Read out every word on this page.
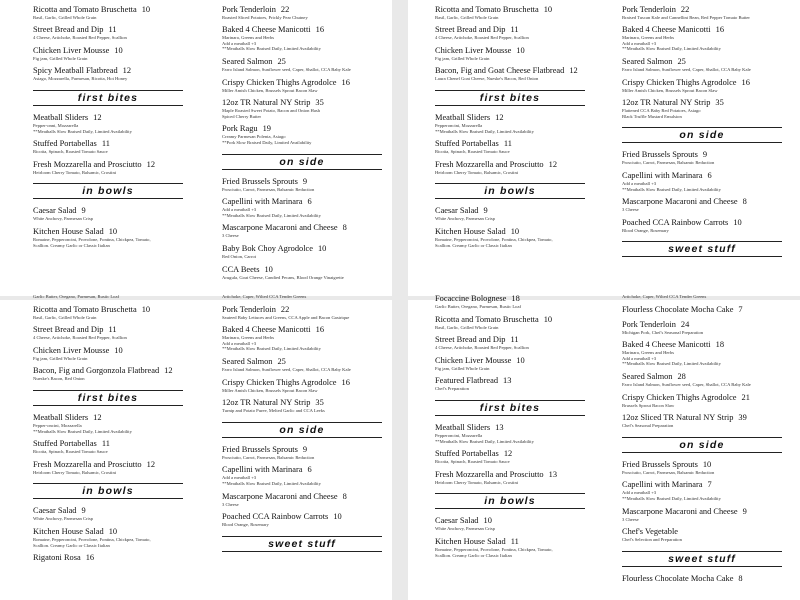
Ricotta and Tomato Bruschetta 10
Basil, Garlic, Grilled Whole Grain
Street Bread and Dip 11
4 Cheese, Artichoke, Roasted Red Pepper, Scallion
Chicken Liver Mousse 10
Fig jam, Grilled Whole Grain
Spicy Meatball Flatbread 12
Asiago, Mozzarella, Parmesan, Ricotta, Hot Honey
first bites
Meatball Sliders 12
Pepper-onni, Mozzarella
**Meatballs Slow Braised Daily, Limited Availability
Stuffed Portabellas 11
Ricotta, Spinach, Roasted Tomato Sauce
Fresh Mozzarella and Prosciutto 12
Heirloom Cherry Tomato, Balsamic, Crostini
in bowls
Caesar Salad 9
White Anchovy, Parmesan Crisp
Kitchen House Salad 10
Romaine, Pepperoncini, Provolone, Fontina, Chickpea, Tomato,
Scallion. Creamy Garlic or Classic Italian
Pork Tenderloin 22
Roasted Sliced Potatoes, Prickly Pear Chutney
Baked 4 Cheese Manicotti 16
Marinara, Greens and Herbs
Add a meatball +3
**Meatballs Slow Braised Daily, Limited Availability
Seared Salmon 25
Farro Island Salmon, Sunflower seed, Caper, Shallot, CCA Baby Kale
Crispy Chicken Thighs Agrodolce 16
Miller Amish Chicken, Brussels Sprout Bacon Slaw
12oz TR Natural NY Strip 35
Maple Roasted Sweet Potato, Bacon and Onion Hash
Spiced Cherry Butter
Pork Ragu 19
Creamy Parmesan Polenta, Asiago
**Pork Slow Braised Daily, Limited Availability
on side
Fried Brussels Sprouts 9
Prosciutto, Carrot, Parmesan, Balsamic Reduction
Capellini with Marinara 6
Add a meatball +3
**Meatballs Slow Braised Daily, Limited Availability
Mascarpone Macaroni and Cheese 8
3 Cheese
Baby Bok Choy Agrodolce 10
Red Onion, Carrot
CCA Beets 10
Arugula, Goat Cheese, Candied Pecans, Blood Orange Vinaigrette
Ricotta and Tomato Bruschetta 10
Basil, Garlic, Grilled Whole Grain
Street Bread and Dip 11
4 Cheese, Artichoke, Roasted Red Pepper, Scallion
Chicken Liver Mousse 10
Fig jam, Grilled Whole Grain
Bacon, Fig and Goat Cheese Flatbread 12
Laura Chenel Goat Cheese, Nueske's Bacon, Red Onion
first bites
Meatball Sliders 12
Pepperoncini, Mozzarella
**Meatballs Slow Braised Daily, Limited Availability
Stuffed Portabellas 11
Ricotta, Spinach, Roasted Tomato Sauce
Fresh Mozzarella and Prosciutto 12
Heirloom Cherry Tomato, Balsamic, Crostini
in bowls
Caesar Salad 9
White Anchovy, Parmesan Crisp
Kitchen House Salad 10
Romaine, Pepperoncini, Provolone, Fontina, Chickpea, Tomato,
Scallion. Creamy Garlic or Classic Italian
Pork Tenderloin 22
Braised Tuscan Kale and Cannellini Bean, Red Pepper Tomato Butter
Baked 4 Cheese Manicotti 16
Marinara, Greens and Herbs
Add a meatball +3
**Meatballs Slow Braised Daily, Limited Availability
Seared Salmon 25
Farro Island Salmon, Sunflower seed, Caper, Shallot, CCA Baby Kale
Crispy Chicken Thighs Agrodolce 16
Miller Amish Chicken, Brussels Sprout Bacon Slaw
12oz TR Natural NY Strip 35
Flattened CCA Baby Red Potatoes, Asiago
Black Truffle Mustard Emulsion
on side
Fried Brussels Sprouts 9
Prosciutto, Carrot, Parmesan, Balsamic Reduction
Capellini with Marinara 6
Add a meatball +3
**Meatballs Slow Braised Daily, Limited Availability
Mascarpone Macaroni and Cheese 8
3 Cheese
Poached CCA Rainbow Carrots 10
Blood Orange, Rosemary
sweet stuff
Garlic Butter, Oregano, Parmesan, Rustic Loaf
Ricotta and Tomato Bruschetta 10
Basil, Garlic, Grilled Whole Grain
Street Bread and Dip 11
4 Cheese, Artichoke, Roasted Red Pepper, Scallion
Chicken Liver Mousse 10
Fig jam, Grilled Whole Grain
Bacon, Fig and Gorgonzola Flatbread 12
Nueske's Bacon, Red Onion
first bites
Meatball Sliders 12
Pepper-oncini, Mozzarella
**Meatballs Slow Braised Daily, Limited Availability
Stuffed Portabellas 11
Ricotta, Spinach, Roasted Tomato Sauce
Fresh Mozzarella and Prosciutto 12
Heirloom Cherry Tomato, Balsamic, Crostini
in bowls
Caesar Salad 9
White Anchovy, Parmesan Crisp
Kitchen House Salad 10
Romaine, Pepperoncini, Provolone, Fontina, Chickpea, Tomato,
Scallion. Creamy Garlic or Classic Italian
Rigatoni Rosa 16
Artichoke, Caper, Wilted CCA Tender Greens
Pork Tenderloin 22
Sauteed Baby Lettuces and Greens, CCA Apple and Bacon Gastrique
Baked 4 Cheese Manicotti 16
Marinara, Greens and Herbs
Add a meatball +3
**Meatballs Slow Braised Daily, Limited Availability
Seared Salmon 25
Farro Island Salmon, Sunflower seed, Caper, Shallot, CCA Baby Kale
Crispy Chicken Thighs Agrodolce 16
Miller Amish Chicken, Brussels Sprout Bacon Slaw
12oz TR Natural NY Strip 35
Turnip and Potato Puree, Melted Garlic and CCA Leeks
on side
Fried Brussels Sprouts 9
Prosciutto, Carrot, Parmesan, Balsamic Reduction
Capellini with Marinara 6
Add a meatball +3
**Meatballs Slow Braised Daily, Limited Availability
Mascarpone Macaroni and Cheese 8
3 Cheese
Poached CCA Rainbow Carrots 10
Blood Orange, Rosemary
sweet stuff
Focaccine Bolognese 18
Garlic Butter, Oregano, Parmesan, Rustic Loaf
Ricotta and Tomato Bruschetta 10
Basil, Garlic, Grilled Whole Grain
Street Bread and Dip 11
4 Cheese, Artichoke, Roasted Red Pepper, Scallion
Chicken Liver Mousse 10
Fig jam, Grilled Whole Grain
Featured Flatbread 13
Chef's Preparation
first bites
Meatball Sliders 13
Pepperoncini, Mozzarella
**Meatballs Slow Braised Daily, Limited Availability
Stuffed Portabellas 12
Ricotta, Spinach, Roasted Tomato Sauce
Fresh Mozzarella and Prosciutto 13
Heirloom Cherry Tomato, Balsamic, Crostini
in bowls
Caesar Salad 10
White Anchovy, Parmesan Crisp
Kitchen House Salad 11
Romaine, Pepperoncini, Provolone, Fontina, Chickpea, Tomato,
Scallion. Creamy Garlic or Classic Italian
Artichoke, Caper, Wilted CCA Tender Greens
Flourless Chocolate Mocha Cake 7
Pork Tenderloin 24
Michigan Pork, Chef's Seasonal Preparation
Baked 4 Cheese Manicotti 18
Marinara, Greens and Herbs
Add a meatball +3
**Meatballs Slow Braised Daily, Limited Availability
Seared Salmon 28
Farro Island Salmon, Sunflower seed, Caper, Shallot, CCA Baby Kale
Crispy Chicken Thighs Agrodolce 21
Brussels Sprout Bacon Slaw
12oz Sliced TR Natural NY Strip 39
Chef's Seasonal Preparation
on side
Fried Brussels Sprouts 10
Prosciutto, Carrot, Parmesan, Balsamic Reduction
Capellini with Marinara 7
Add a meatball +3
**Meatballs Slow Braised Daily, Limited Availability
Mascarpone Macaroni and Cheese 9
3 Cheese
Chef's Vegetable
Chef's Selection and Preparation
sweet stuff
Flourless Chocolate Mocha Cake 8
